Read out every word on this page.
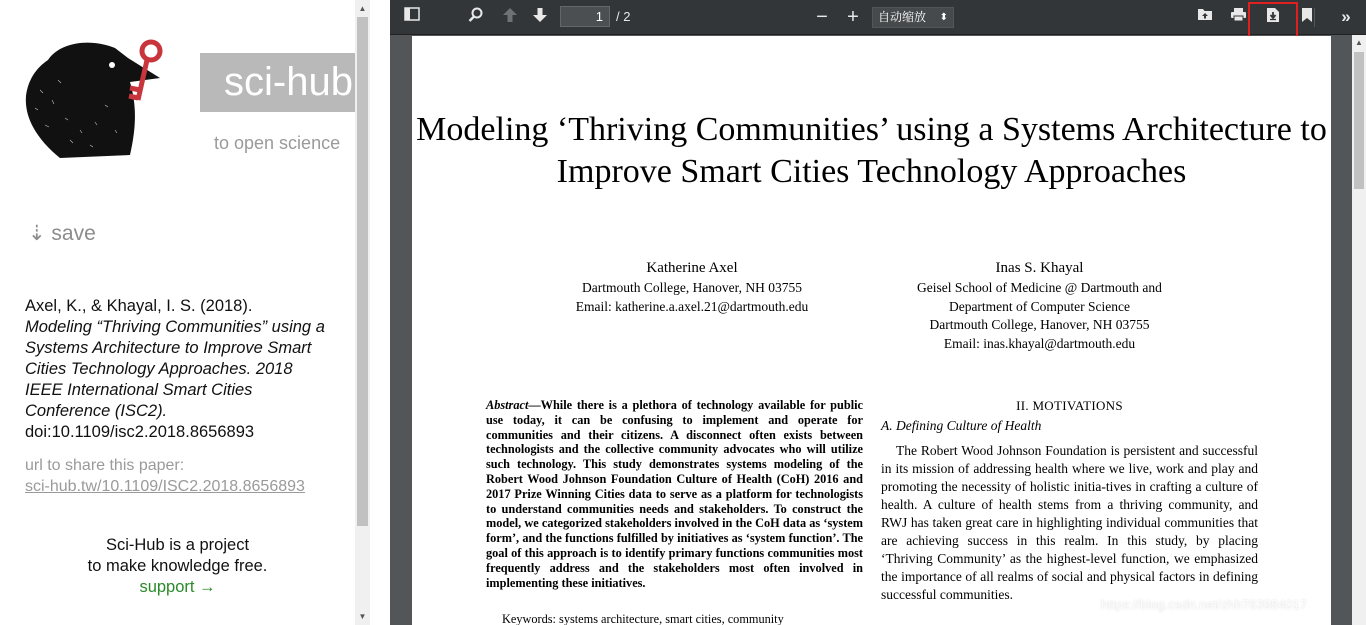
sci-hub
to open science
⇣ save
Axel, K., & Khayal, I. S. (2018).
Modeling “Thriving Communities” using a Systems Architecture to Improve Smart Cities Technology Approaches. 2018 IEEE International Smart Cities Conference (ISC2).
doi:10.1109/isc2.2018.8656893
url to share this paper:
sci-hub.tw/10.1109/ISC2.2018.8656893
Sci-Hub is a project
to make knowledge free.
support →
▲
▼
1	/ 2	− +	自动缩放 ⬍	»
Modeling ‘Thriving Communities’ using a Systems Architecture to Improve Smart Cities Technology Approaches
Katherine Axel
Dartmouth College, Hanover, NH 03755
Email: katherine.a.axel.21@dartmouth.edu
Inas S. Khayal
Geisel School of Medicine @ Dartmouth and
Department of Computer Science
Dartmouth College, Hanover, NH 03755
Email: inas.khayal@dartmouth.edu
Abstract—While there is a plethora of technology available for public use today, it can be confusing to implement and operate for communities and their citizens. A disconnect often exists between technologists and the collective community advocates who will utilize such technology. This study demonstrates systems modeling of the Robert Wood Johnson Foundation Culture of Health (CoH) 2016 and 2017 Prize Winning Cities data to serve as a platform for technologists to understand communities needs and stakeholders. To construct the model, we categorized stakeholders involved in the CoH data as ‘system form’, and the functions fulfilled by initiatives as ‘system function’. The goal of this approach is to identify primary functions communities most frequently address and the stakeholders most often involved in implementing these initiatives.
Keywords: systems architecture, smart cities, community
II. MOTIVATIONS
A. Defining Culture of Health
The Robert Wood Johnson Foundation is persistent and successful in its mission of addressing health where we live, work and play and promoting the necessity of holistic initia-tives in crafting a culture of health. A culture of health stems from a thriving community, and RWJ has taken great care in highlighting individual communities that are achieving success in this realm. In this study, by placing ‘Thriving Community’ as the highest-level function, we emphasized the importance of all realms of social and physical factors in defining successful communities.
▲
https://blog.csdn.net/zhh763984017
